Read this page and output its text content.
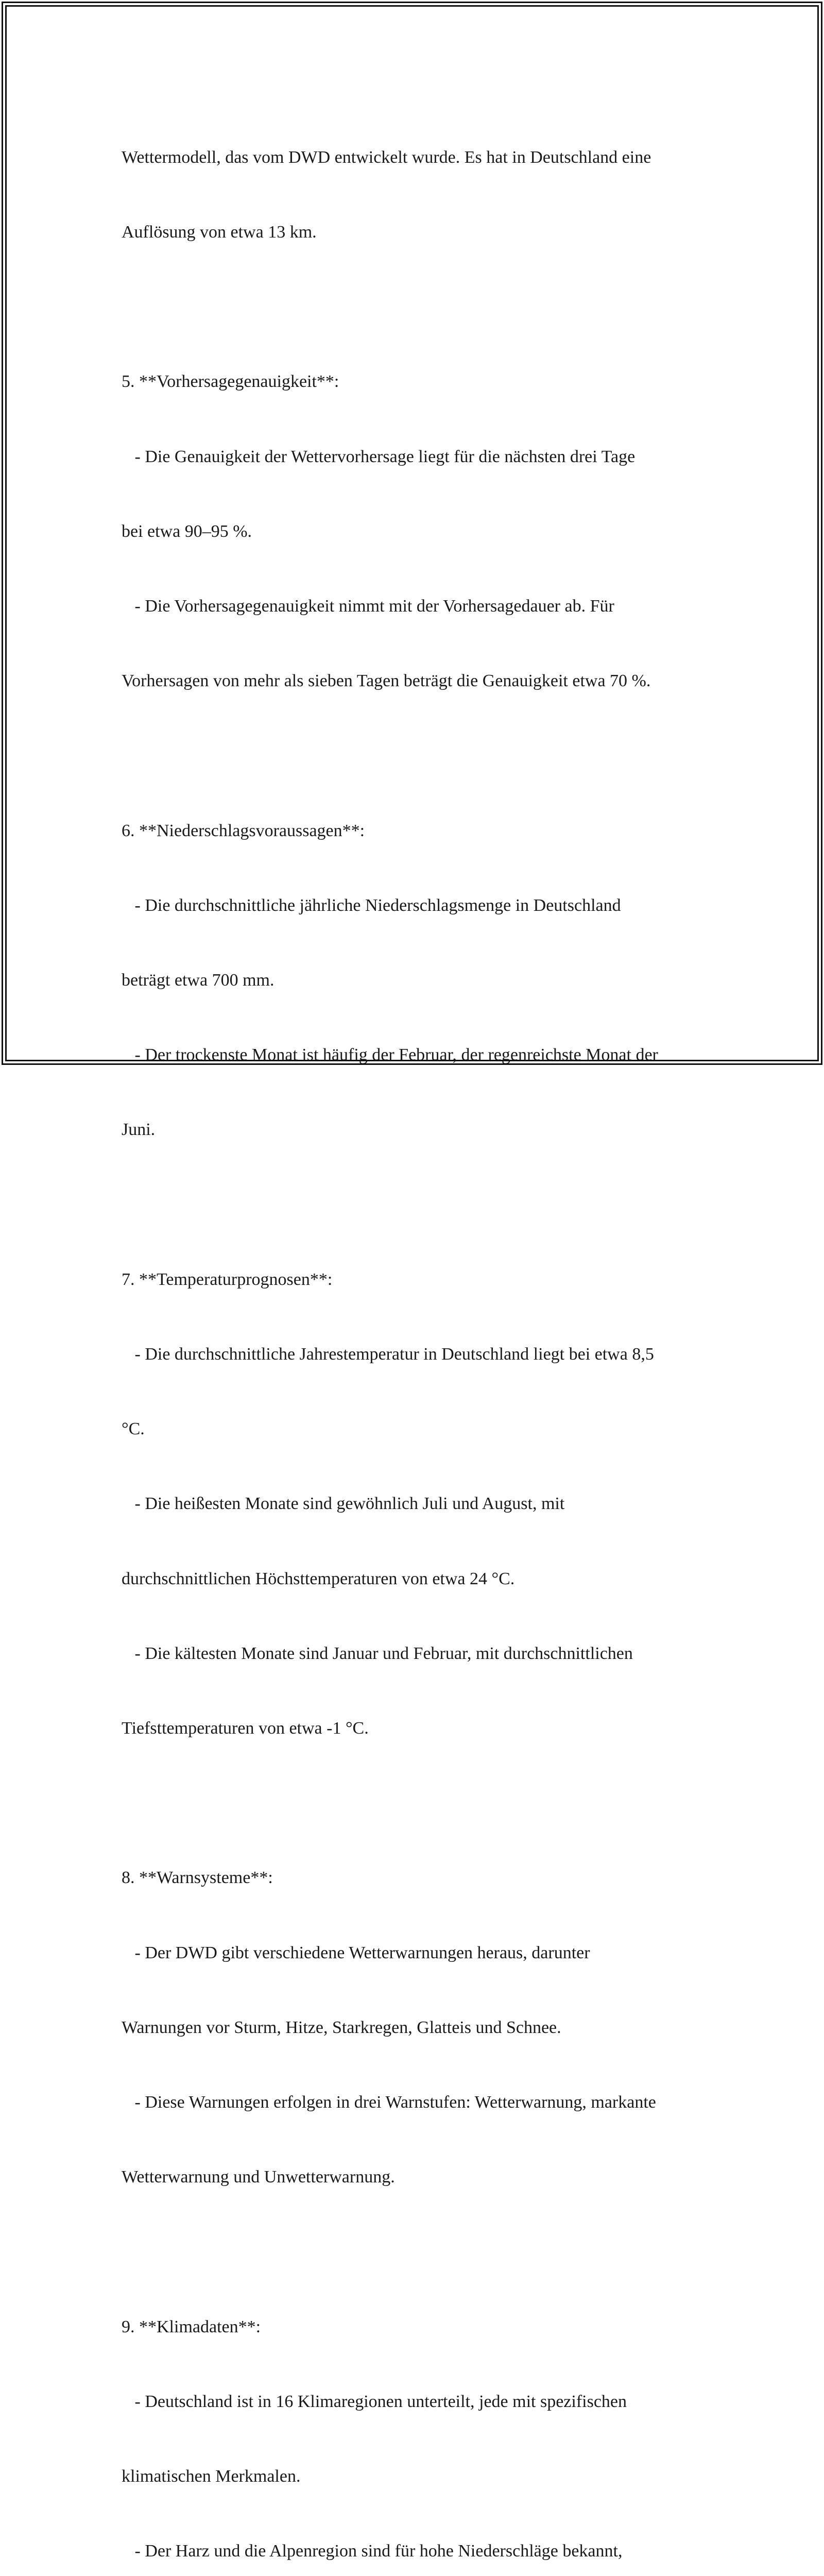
Wettermodell, das vom DWD entwickelt wurde. Es hat in Deutschland eine

Auflösung von etwa 13 km.

5. **Vorhersagegenauigkeit**:

- Die Genauigkeit der Wettervorhersage liegt für die nächsten drei Tage

bei etwa 90–95 %.

- Die Vorhersagegenauigkeit nimmt mit der Vorhersagedauer ab. Für

Vorhersagen von mehr als sieben Tagen beträgt die Genauigkeit etwa 70 %.

6. **Niederschlagsvoraussagen**:

- Die durchschnittliche jährliche Niederschlagsmenge in Deutschland

beträgt etwa 700 mm.

- Der trockenste Monat ist häufig der Februar, der regenreichste Monat der

Juni.

7. **Temperaturprognosen**:

- Die durchschnittliche Jahrestemperatur in Deutschland liegt bei etwa 8,5

°C.

- Die heißesten Monate sind gewöhnlich Juli und August, mit

durchschnittlichen Höchsttemperaturen von etwa 24 °C.

- Die kältesten Monate sind Januar und Februar, mit durchschnittlichen

Tiefsttemperaturen von etwa -1 °C.

8. **Warnsysteme**:

- Der DWD gibt verschiedene Wetterwarnungen heraus, darunter

Warnungen vor Sturm, Hitze, Starkregen, Glatteis und Schnee.

- Diese Warnungen erfolgen in drei Warnstufen: Wetterwarnung, markante

Wetterwarnung und Unwetterwarnung.

9. **Klimadaten**:

- Deutschland ist in 16 Klimaregionen unterteilt, jede mit spezifischen

klimatischen Merkmalen.

- Der Harz und die Alpenregion sind für hohe Niederschläge bekannt,
